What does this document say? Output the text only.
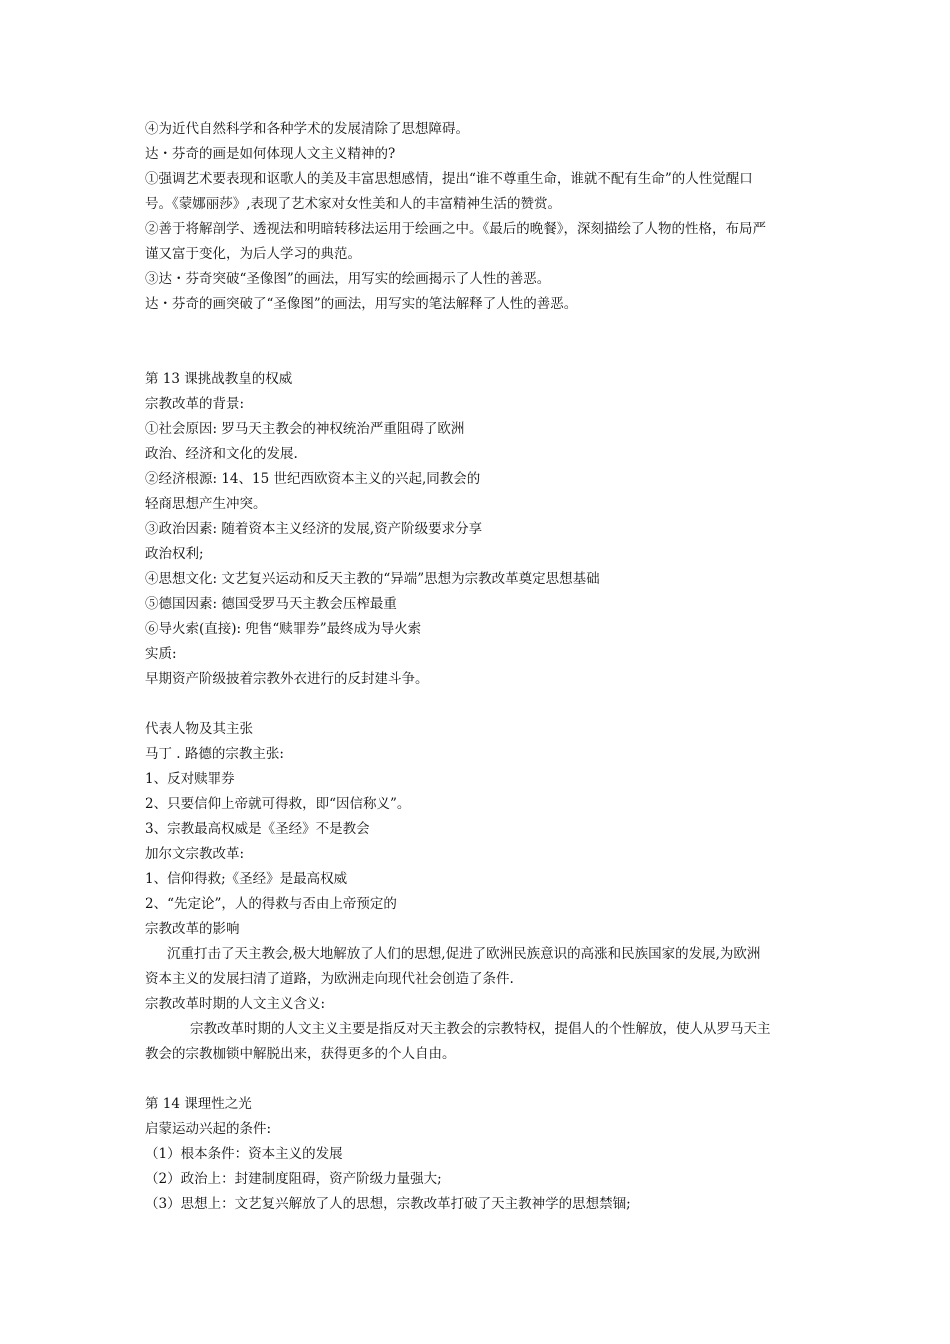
④为近代自然科学和各种学术的发展清除了思想障碍。
达・芬奇的画是如何体现人文主义精神的?
①强调艺术要表现和讴歌人的美及丰富思想感情，提出“谁不尊重生命，谁就不配有生命”的人性觉醒口
号。《蒙娜丽莎》,表现了艺术家对女性美和人的丰富精神生活的赞赏。
②善于将解剖学、透视法和明暗转移法运用于绘画之中。《最后的晚餐》，深刻描绘了人物的性格，布局严
谨又富于变化，为后人学习的典范。
③达・芬奇突破“圣像图”的画法，用写实的绘画揭示了人性的善恶。
达・芬奇的画突破了“圣像图”的画法，用写实的笔法解释了人性的善恶。
第 13 课挑战教皇的权威
宗教改革的背景:
①社会原因: 罗马天主教会的神权统治严重阻碍了欧洲
政治、经济和文化的发展.
②经济根源: 14、15 世纪西欧资本主义的兴起,同教会的
轻商思想产生冲突。
③政治因素: 随着资本主义经济的发展,资产阶级要求分享
政治权利;
④思想文化: 文艺复兴运动和反天主教的“异端”思想为宗教改革奠定思想基础
⑤德国因素: 德国受罗马天主教会压榨最重
⑥导火索(直接): 兜售“赎罪券”最终成为导火索
实质:
早期资产阶级披着宗教外衣进行的反封建斗争。
代表人物及其主张
马丁 . 路德的宗教主张:
1、反对赎罪券
2、只要信仰上帝就可得救，即“因信称义”。
3、宗教最高权威是《圣经》不是教会
加尔文宗教改革:
1、信仰得救;《圣经》是最高权威
2、“先定论”，人的得救与否由上帝预定的
宗教改革的影响
沉重打击了天主教会,极大地解放了人们的思想,促进了欧洲民族意识的高涨和民族国家的发展,为欧洲
资本主义的发展扫清了道路，为欧洲走向现代社会创造了条件.
宗教改革时期的人文主义含义:
宗教改革时期的人文主义主要是指反对天主教会的宗教特权，提倡人的个性解放，使人从罗马天主
教会的宗教枷锁中解脱出来，获得更多的个人自由。
第 14 课理性之光
启蒙运动兴起的条件:
（1）根本条件：资本主义的发展
（2）政治上：封建制度阻碍，资产阶级力量强大;
（3）思想上：文艺复兴解放了人的思想，宗教改革打破了天主教神学的思想禁锢;
